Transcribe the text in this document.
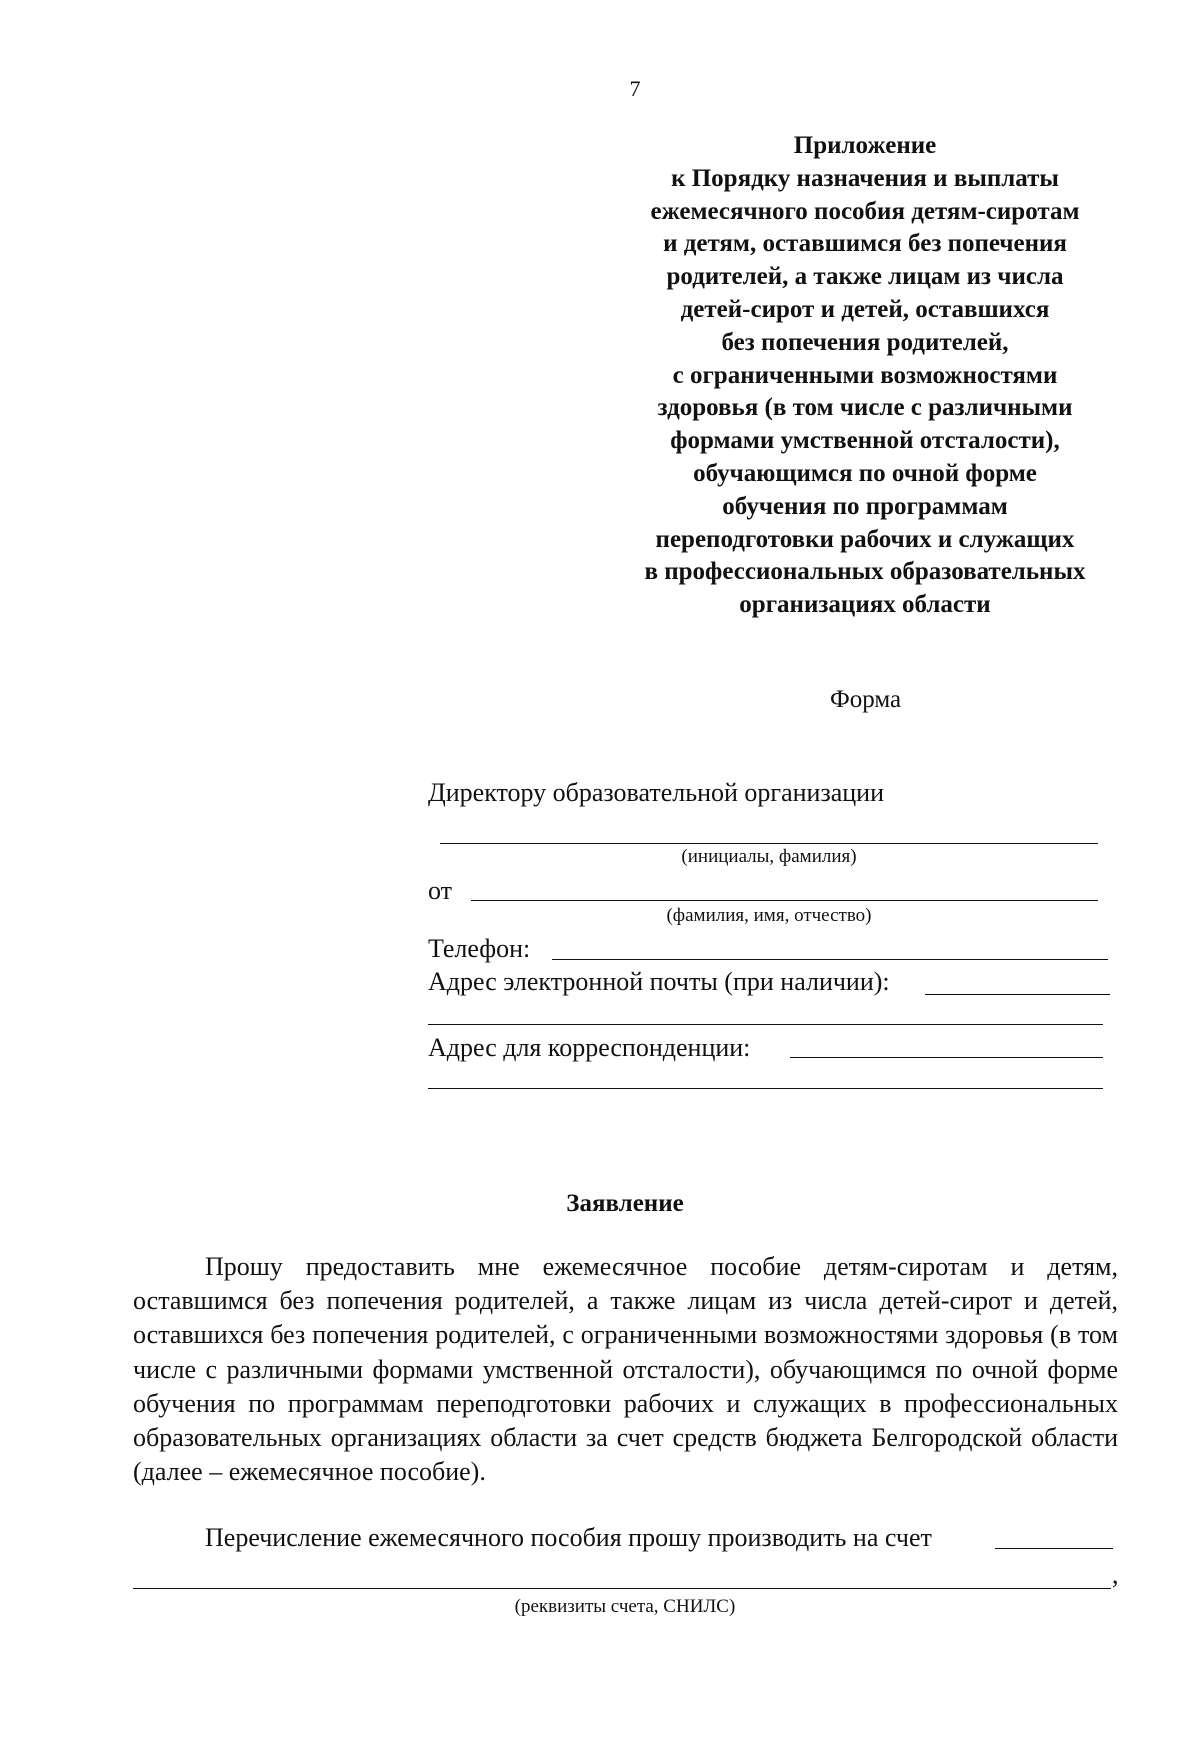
7
Приложение
к Порядку назначения и выплаты
ежемесячного пособия детям-сиротам
и детям, оставшимся без попечения
родителей, а также лицам из числа
детей-сирот и детей, оставшихся
без попечения родителей,
с ограниченными возможностями
здоровья (в том числе с различными
формами умственной отсталости),
обучающимся по очной форме
обучения по программам
переподготовки рабочих и служащих
в профессиональных образовательных
организациях области
Форма
Директору образовательной организации
(инициалы, фамилия)
от
(фамилия, имя, отчество)
Телефон:
Адрес электронной почты (при наличии):
Адрес для корреспонденции:
Заявление

Прошу предоставить мне ежемесячное пособие детям-сиротам и детям, оставшимся без попечения родителей, а также лицам из числа детей-сирот и детей, оставшихся без попечения родителей, с ограниченными возможностями здоровья (в том числе с различными формами умственной отсталости), обучающимся по очной форме обучения по программам переподготовки рабочих и служащих в профессиональных образовательных организациях области за счет средств бюджета Белгородской области (далее – ежемесячное пособие).

Перечисление ежемесячного пособия прошу производить на счет
,
(реквизиты счета, СНИЛС)
